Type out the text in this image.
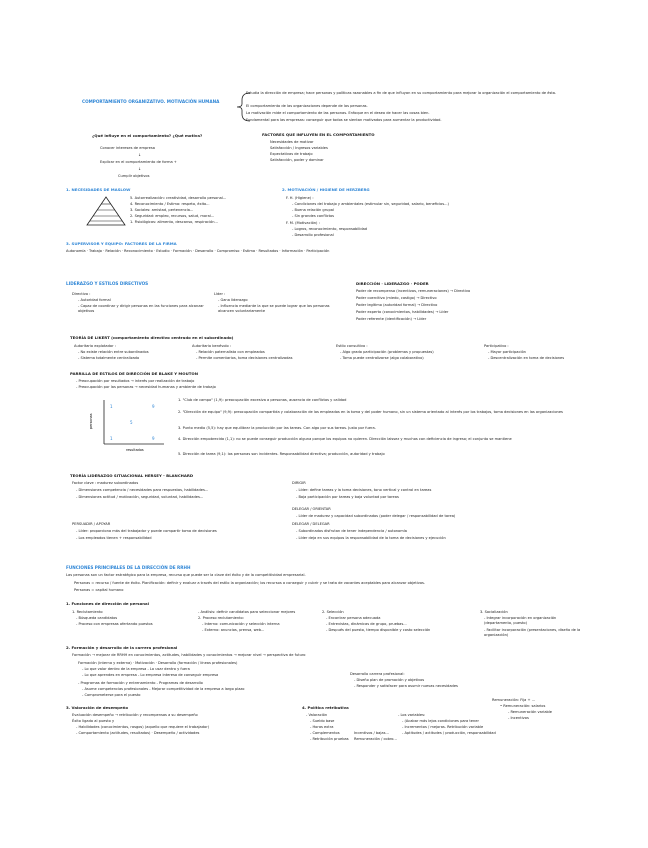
COMPORTAMIENTO ORGANIZATIVO. MOTIVACIÓN HUMANA
Estudia la dirección de empresa; hace personas y políticas razonables a fin de que influyan en su comportamiento para mejorar la organización el comportamiento de ésta.
El comportamiento de las organizaciones depende de las personas.
La motivación mide el comportamiento de las personas. Enfoque en el deseo de hacer las cosas bien.
Fundamental para las empresas: conseguir que todos se sientan motivados para aumentar la productividad.
¿Qué influye en el comportamiento? ¿Qué motiva?
Conocer intereses de empresa
↓
Explicar en el comportamiento de forma +
↓
Cumplir objetivos
FACTORES QUE INFLUYEN EN EL COMPORTAMIENTO
Necesidades de motivar
Satisfacción / Ingresos variables
Expectativas de trabajo
Satisfacción, poder y dominar
1. NECESIDADES DE MASLOW
5. Autorrealización: creatividad, desarrollo personal...
4. Reconocimiento / Estima: respeto, éxito...
3. Sociales: amistad, pertenencia...
2. Seguridad: empleo, recursos, salud, moral...
1. Fisiológicas: alimento, descanso, respiración...
2. MOTIVACIÓN / HIGIENE DE HERZBERG
F. H. (Higiene) :
- Condiciones del trabajo y ambientales (estimular sin, seguridad, salario, beneficios...)
- Buena relación grupal
- Sin grandes conflictos
F. M. (Motivación) :
- Logros, reconocimiento, responsabilidad
- Desarrollo profesional
3. SUPERVISOR Y EQUIPO: FACTORES DE LA FIRMA
Autonomía · Trabajo · Relación · Reconocimiento · Estudio · Formación · Desarrollo · Compromiso · Estima · Resultados · Información · Participación
LIDERAZGO Y ESTILOS DIRECTIVOS
Directivo :
- Autoridad formal
- Capaz de coordinar y dirigir personas en las funciones para alcanzar objetivos
Líder :
- Gana liderazgo
- Influencia mediante la que se puede lograr que las personas alcancen voluntariamente
DIRECCIÓN · LIDERAZGO · PODER
Poder de recompensa (incentivos, remuneraciones) → Directivo
Poder coercitivo (miedo, castigo) → Directivo
Poder legítimo (autoridad formal) → Directivo
Poder experto (conocimientos, habilidades) → Líder
Poder referente (identificación) → Líder
TEORÍA DE LIKERT (comportamiento directivo centrado en el subordinado)
Autoritario explotador :
- No existe relación entre subordinados
- Sistema totalmente centralizado
Autoritario benévolo :
- Relación paternalista con empleados
- Permite comentarios, toma decisiones centralizadas
Estilo consultivo :
- Algo grado participación (problemas y propuestas)
- Toma puede centralizarse (algo colaborativo)
Participativo :
- Mayor participación
- Descentralización en toma de decisiones
PARRILLA DE ESTILOS DE DIRECCIÓN DE BLAKE Y MOUTON
- Preocupación por resultados → interés por realización de trabajo
- Preocupación por las personas → necesidad humanas y ambiente de trabajo
personas
resultados
1	9
5
1	9
1. "Club de campo" (1,9): preocupación excesiva a personas, ausencia de conflictos y calidad
2. "Dirección de equipo" (9,9): preocupación compartida y colaboración de los empleados en la toma y del poder humano, sin un sistema orientado al interés por los trabajos, toma decisiones en las organizaciones
3. Punto medio (5,5): hay que equilibrar la producción por las tareas. Con algo por sus tareas. Justo por fuera.
4. Dirección empobrecida (1,1): no se puede conseguir producción alguna porque los equipos no quieren. Dirección laissez y muchos con deficiencia de ingreso; el conjunto se mantiene
5. Dirección de tarea (9,1): los personas son incidentes. Responsabilidad directiva; producción, autoridad y trabajo
TEORÍA LIDERAZGO SITUACIONAL HERSEY - BLANCHARD
Factor clave : madurez subordinados
- Dimensiones competencia / necesidades para respuestas, habilidades...
- Dimensiones actitud / motivación, seguridad, voluntad, habilidades...
DIRIGIR
- Líder: define tareas y la toma decisiones, tono vertical y control en tareas
- Baja participación por tareas y baja voluntad por tareas
DELEGAR / ORIENTAR
- Líder de madurez y capacidad subordinados (poder delegar / responsabilidad de tarea)
PERSUADIR / APOYAR
- Líder: proporciona más del trabajador y puede compartir toma de decisiones
- Los empleados tienen + responsabilidad
DELEGAR / DELEGAR
- Subordinados disfrutan de tener independencia / autonomía
- Líder deja en sus equipos la responsabilidad de la toma de decisiones y ejecución
FUNCIONES PRINCIPALES DE LA DIRECCIÓN DE RRHH
Las personas son un factor estratégico para la empresa, recurso que puede ser la clave del éxito y de la competitividad empresarial.
Personas = recurso / fuente de éxito. Planificación: definir y evaluar a través del estilo la organización; los recursos a conseguir y cubrir y se trata de vacantes aceptables para alcanzar objetivos.
Personas = capital humano
1. Funciones de dirección de personal
1. Reclutamiento
- Búsqueda candidatos
- Proceso con empresas ofertando puestos
- Análisis: definir candidatos para seleccionar mejores
2. Proceso reclutamiento:
- Interno: comunicación y selección interna
- Externo: anuncios, prensa, web...
2. Selección
- Encontrar persona adecuada
- Entrevistas, dinámicas de grupo, pruebas...
- Después del puesto, tiempo disponible y costo selección
3. Socialización
- Integrar incorporación en organización (departamento, puesto)
- Facilitar incorporación (presentaciones, diseño de la organización)
2. Formación y desarrollo de la carrera profesional
Formación → mejorar de RRHH en conocimientos, actitudes, habilidades y conocimientos → mejorar nivel → perspectiva de futuro
Formación (interna y externa) · Motivación · Desarrollo (formación / líneas profesionales)
- Lo que valor dentro de la empresa - Lo usar dentro y fuera
- Lo que aprendes en empresa - Lo empresa interesa de conseguir empresa
- Programas de formación y entrenamiento - Programas de desarrollo
- Asume competencias profesionales - Mejorar competitividad de la empresa a largo plazo
- Comprometerse para el puesto
Desarrollo carrera profesional:
- Diseño plan de promoción y objetivos
- Responder y satisfacer para asumir nuevas necesidades
Remuneración: Fija + ...
3. Valoración de desempeño
Evaluación desempeño → retribución y recompensas a su desempeño
Éxito ligado al puesto y
- Habilidades (conocimientos, rasgos) (aquello que requiere el trabajador)
- Comportamiento (actitudes, resultados) · Desempeño / actividades
4. Política retributiva
- Valoración
- Sueldo base
- Horas extra
- Complementos
- Retribución pruebas
Incentivos / bajas...
Remuneración / cobro...
- Los variables:
- (Acabar más lejos condiciones para tener
- Incrementos / mejoras. Retribución variable
- Aptitudes / actitudes / producción, responsabilidad
• Remuneración: salarios
- Remuneración variable
- Incentivos
